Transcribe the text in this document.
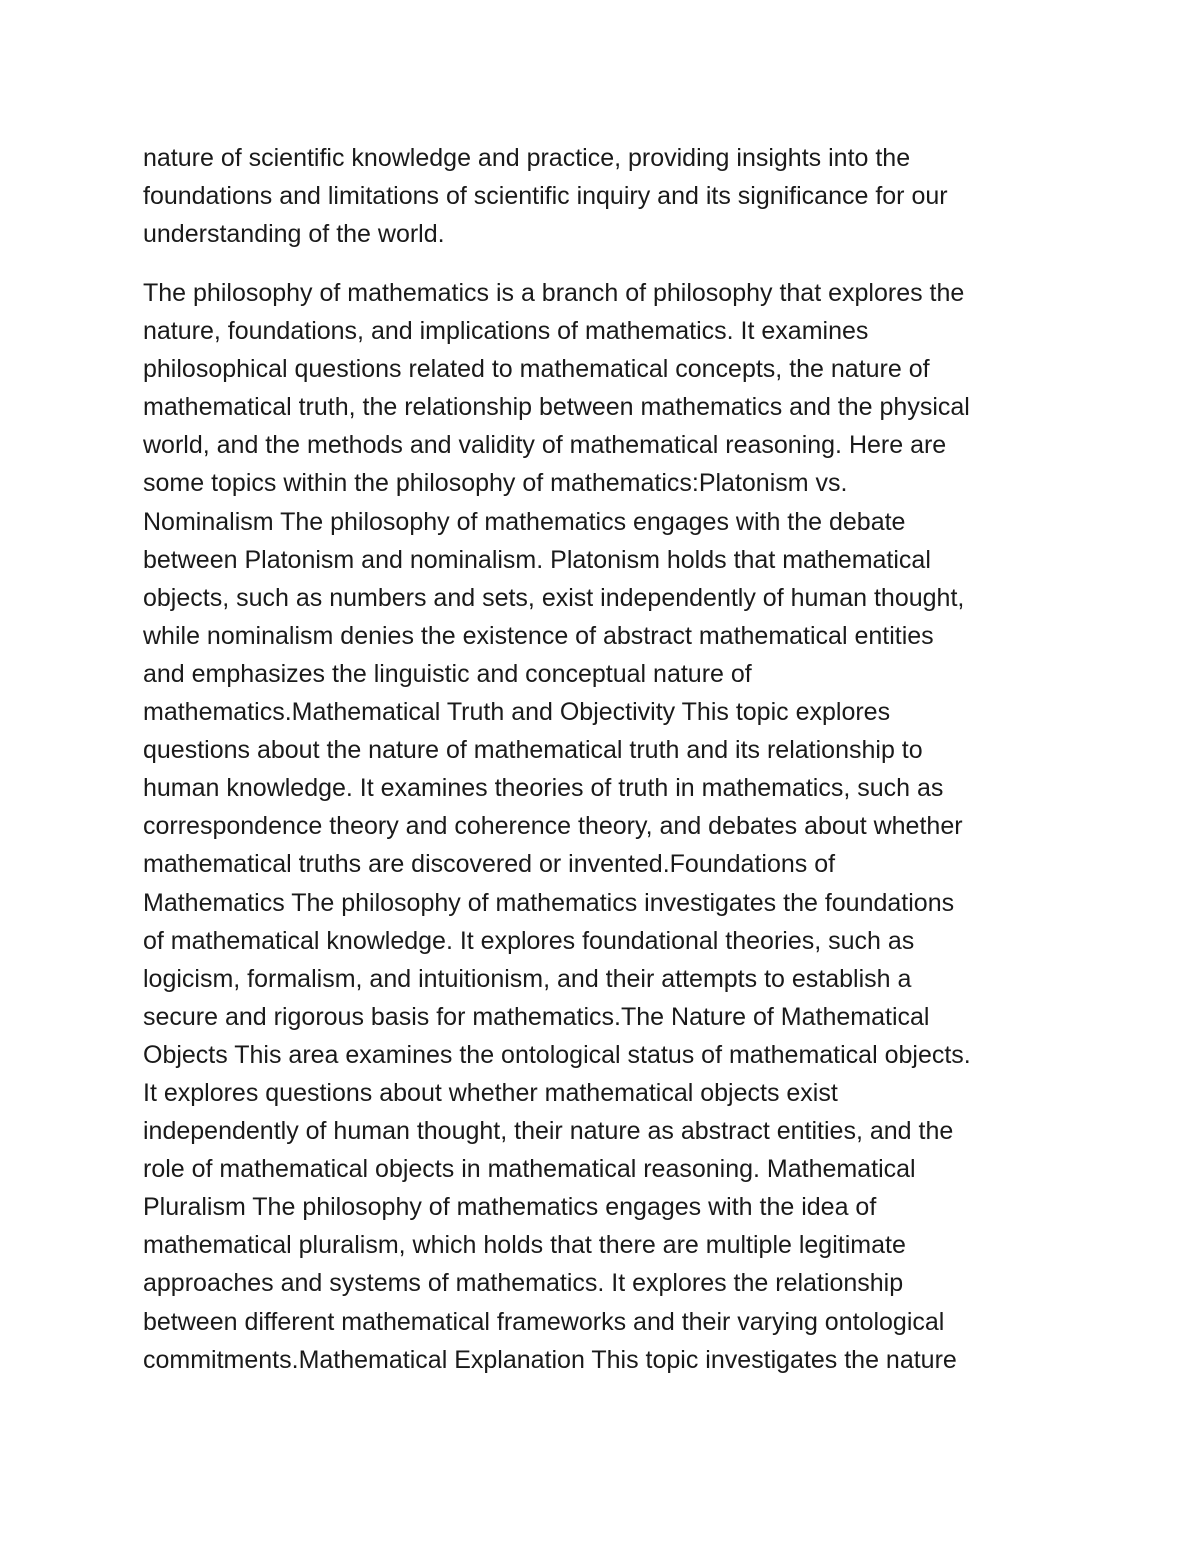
nature of scientific knowledge and practice, providing insights into the
foundations and limitations of scientific inquiry and its significance for our
understanding of the world.

The philosophy of mathematics is a branch of philosophy that explores the
nature, foundations, and implications of mathematics. It examines
philosophical questions related to mathematical concepts, the nature of
mathematical truth, the relationship between mathematics and the physical
world, and the methods and validity of mathematical reasoning. Here are
some topics within the philosophy of mathematics:Platonism vs.
Nominalism The philosophy of mathematics engages with the debate
between Platonism and nominalism. Platonism holds that mathematical
objects, such as numbers and sets, exist independently of human thought,
while nominalism denies the existence of abstract mathematical entities
and emphasizes the linguistic and conceptual nature of
mathematics.Mathematical Truth and Objectivity This topic explores
questions about the nature of mathematical truth and its relationship to
human knowledge. It examines theories of truth in mathematics, such as
correspondence theory and coherence theory, and debates about whether
mathematical truths are discovered or invented.Foundations of
Mathematics The philosophy of mathematics investigates the foundations
of mathematical knowledge. It explores foundational theories, such as
logicism, formalism, and intuitionism, and their attempts to establish a
secure and rigorous basis for mathematics.The Nature of Mathematical
Objects This area examines the ontological status of mathematical objects.
It explores questions about whether mathematical objects exist
independently of human thought, their nature as abstract entities, and the
role of mathematical objects in mathematical reasoning. Mathematical
Pluralism The philosophy of mathematics engages with the idea of
mathematical pluralism, which holds that there are multiple legitimate
approaches and systems of mathematics. It explores the relationship
between different mathematical frameworks and their varying ontological
commitments.Mathematical Explanation This topic investigates the nature
